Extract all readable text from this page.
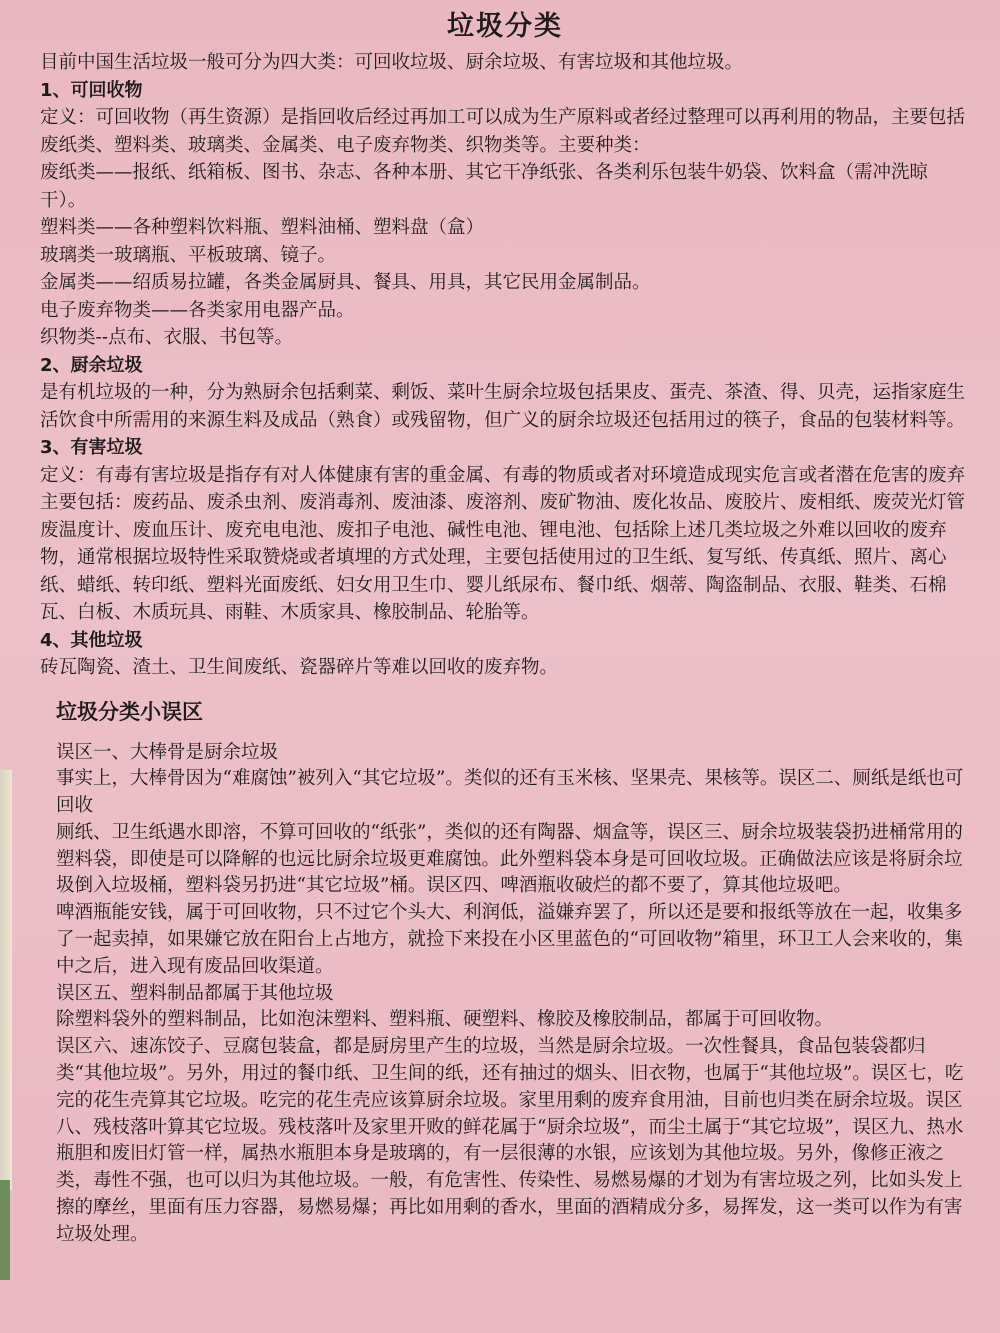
垃圾分类

目前中国生活垃圾一般可分为四大类：可回收垃圾、厨余垃圾、有害垃圾和其他垃圾。

1、可回收物

定义：可回收物（再生资源）是指回收后经过再加工可以成为生产原料或者经过整理可以再利用的物品，主要包括废纸类、塑料类、玻璃类、金属类、电子废弃物类、织物类等。主要种类：

废纸类——报纸、纸箱板、图书、杂志、各种本册、其它干净纸张、各类利乐包装牛奶袋、饮料盒（需冲洗晾干）。

塑料类——各种塑料饮料瓶、塑料油桶、塑料盘（盒）

玻璃类一玻璃瓶、平板玻璃、镜子。

金属类——绍质易拉罐，各类金属厨具、餐具、用具，其它民用金属制品。

电子废弃物类——各类家用电器产品。

织物类--点布、衣服、书包等。

2、厨余垃圾

是有机垃圾的一种，分为熟厨余包括剩菜、剩饭、菜叶生厨余垃圾包括果皮、蛋壳、茶渣、得、贝壳，运指家庭生活饮食中所需用的来源生料及成品（熟食）或残留物，但广义的厨余垃圾还包括用过的筷子，食品的包装材料等。

3、有害垃圾

定义：有毒有害垃圾是指存有对人体健康有害的重金属、有毒的物质或者对环境造成现实危言或者潜在危害的废弃主要包括：废药品、废杀虫剂、废消毒剂、废油漆、废溶剂、废矿物油、废化妆品、废胶片、废相纸、废荧光灯管废温度计、废血压计、废充电电池、废扣子电池、碱性电池、锂电池、包括除上述几类垃圾之外难以回收的废弃物，通常根据垃圾特性采取赞烧或者填埋的方式处理，主要包括使用过的卫生纸、复写纸、传真纸、照片、离心纸、蜡纸、转印纸、塑料光面废纸、妇女用卫生巾、婴儿纸尿布、餐巾纸、烟蒂、陶盗制品、衣服、鞋类、石棉瓦、白板、木质玩具、雨鞋、木质家具、橡胶制品、轮胎等。

4、其他垃圾

砖瓦陶瓷、渣土、卫生间废纸、瓷器碎片等难以回收的废弃物。

垃圾分类小误区

误区一、大棒骨是厨余垃圾

事实上，大棒骨因为“难腐蚀”被列入“其它垃圾”。类似的还有玉米核、坚果壳、果核等。误区二、厕纸是纸也可回收

厕纸、卫生纸遇水即溶，不算可回收的“纸张”，类似的还有陶器、烟盒等，误区三、厨余垃圾装袋扔进桶常用的塑料袋，即使是可以降解的也远比厨余垃圾更难腐蚀。此外塑料袋本身是可回收垃圾。正确做法应该是将厨余垃圾倒入垃圾桶，塑料袋另扔进“其它垃圾”桶。误区四、啤酒瓶收破烂的都不要了，算其他垃圾吧。

啤酒瓶能安钱，属于可回收物，只不过它个头大、利润低，溢嫌弃罢了，所以还是要和报纸等放在一起，收集多了一起卖掉，如果嫌它放在阳台上占地方，就捡下来投在小区里蓝色的“可回收物”箱里，环卫工人会来收的，集中之后，进入现有废品回收渠道。

误区五、塑料制品都属于其他垃圾

除塑料袋外的塑料制品，比如泡沫塑料、塑料瓶、硬塑料、橡胶及橡胶制品，都属于可回收物。

误区六、速冻饺子、豆腐包装盒，都是厨房里产生的垃圾，当然是厨余垃圾。一次性餐具，食品包装袋都归类“其他垃圾”。另外，用过的餐巾纸、卫生间的纸，还有抽过的烟头、旧衣物，也属于“其他垃圾”。误区七，吃完的花生壳算其它垃圾。吃完的花生壳应该算厨余垃圾。家里用剩的废弃食用油，目前也归类在厨余垃圾。误区八、残枝落叶算其它垃圾。残枝落叶及家里开败的鲜花属于“厨余垃圾”，而尘土属于“其它垃圾”，误区九、热水瓶胆和废旧灯管一样，属热水瓶胆本身是玻璃的，有一层很薄的水银，应该划为其他垃圾。另外，像修正液之类，毒性不强，也可以归为其他垃圾。一般，有危害性、传染性、易燃易爆的才划为有害垃圾之列，比如头发上擦的摩丝，里面有压力容器，易燃易爆；再比如用剩的香水，里面的酒精成分多，易挥发，这一类可以作为有害垃圾处理。
